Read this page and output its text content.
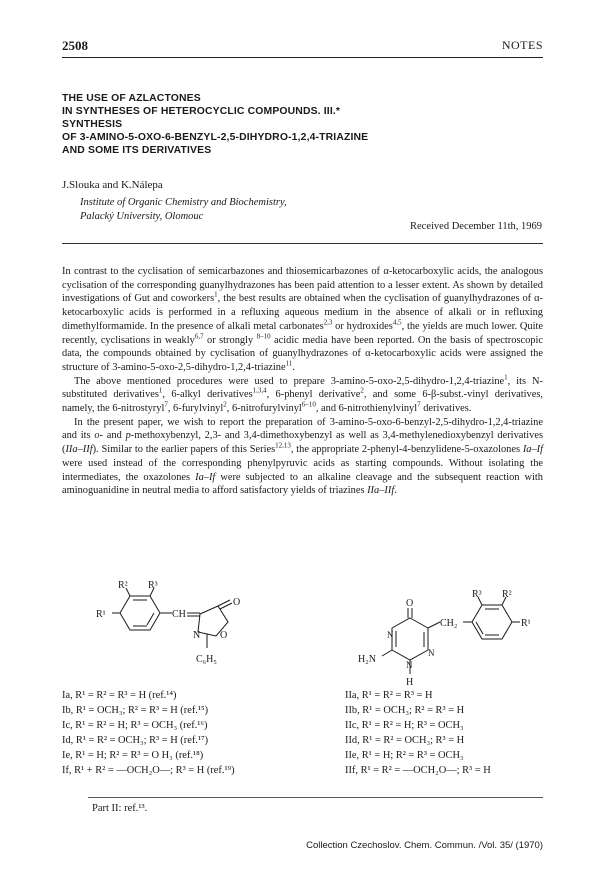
2508	NOTES
THE USE OF AZLACTONES
IN SYNTHESES OF HETEROCYCLIC COMPOUNDS. III.*
SYNTHESIS
OF 3-AMINO-5-OXO-6-BENZYL-2,5-DIHYDRO-1,2,4-TRIAZINE
AND SOME ITS DERIVATIVES
J.Slouka and K.Nálepa
Institute of Organic Chemistry and Biochemistry,
Palacký University, Olomouc
Received December 11th, 1969

In contrast to the cyclisation of semicarbazones and thiosemicarbazones of α-ketocarboxylic acids, the analogous cyclisation of the corresponding guanylhydrazones has been paid attention to a lesser extent. As shown by detailed investigations of Gut and coworkers$^1$, the best results are obtained when the cyclisation of guanylhydrazones of α-ketocarboxylic acids is performed in a refluxing aqueous medium in the absence of alkali or in refluxing dimethylformamide. In the presence of alkali metal carbonates$^{2,3}$ or hydroxides$^{4,5}$, the yields are much lower. Quite recently, cyclisations in weakly$^{6,7}$ or strongly $^{8-10}$ acidic media have been reported. On the basis of spectroscopic data, the compounds obtained by cyclisation of guanylhydrazones of α-ketocarboxylic acids were assigned the structure of 3-amino-5-oxo-2,5-dihydro-1,2,4-triazine$^{11}$.

The above mentioned procedures were used to prepare 3-amino-5-oxo-2,5-dihydro-1,2,4-triazine$^1$, its N-substituted derivatives$^1$, 6-alkyl derivatives$^{1,3,4}$, 6-phenyl derivative$^2$, and some 6-β-subst.-vinyl derivatives, namely, the 6-nitrostyryl$^7$, 6-furylvinyl$^2$, 6-nitrofurylvinyl$^{6-10}$, and 6-nitrothienylvinyl$^7$ derivatives.

In the present paper, we wish to report the preparation of 3-amino-5-oxo-6-benzyl-2,5-dihydro-1,2,4-triazine and its o- and p-methoxybenzyl, 2,3- and 3,4-dimethoxybenzyl as well as 3,4-methylenedioxybenzyl derivatives (IIa–IIf). Similar to the earlier papers of this Series$^{12,13}$, the appropriate 2-phenyl-4-benzylidene-5-oxazolones Ia–If were used instead of the corresponding phenylpyruvic acids as starting compounds. Without isolating the intermediates, the oxazolones Ia–If were subjected to an alkaline cleavage and the subsequent reaction with aminoguanidine in neutral media to afford satisfactory yields of triazines IIa–IIf.

R² R³
R¹	CH
O
N O
C₆H₅
O
CH₂
R³ R²
R¹
N
N
N
H₂N
H
Ia, R¹ = R² = R³ = H (ref.¹⁴)
Ib, R¹ = OCH₃; R² = R³ = H (ref.¹⁵)
Ic, R¹ = R² = H; R³ = OCH₃ (ref.¹⁶)
Id, R¹ = R² = OCH₃; R³ = H (ref.¹⁷)
Ie, R¹ = H; R² = R³ = O H₃ (ref.¹⁸)
If, R¹ + R² = —OCH₂O—; R³ = H (ref.¹⁹)
IIa, R¹ = R² = R³ = H
IIb, R¹ = OCH₃; R² = R³ = H
IIc, R¹ = R² = H; R³ = OCH₃
IId, R¹ = R² = OCH₃; R³ = H
IIe, R¹ = H; R² = R³ = OCH₃
IIf, R¹ = R² = —OCH₂O—; R³ = H
Part II: ref.¹³.
Collection Czechoslov. Chem. Commun. /Vol. 35/ (1970)
